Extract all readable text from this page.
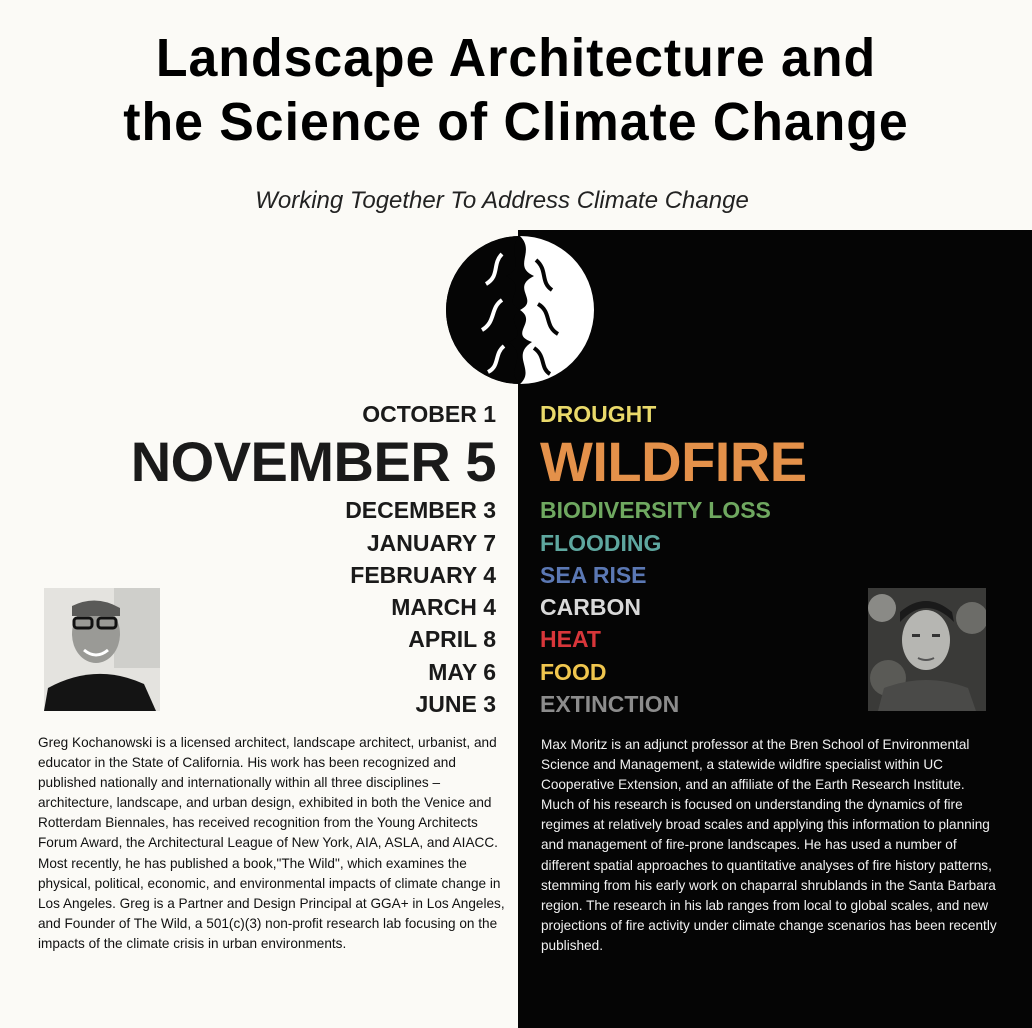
Landscape Architecture and
the Science of Climate Change
Working Together To Address Climate Change
OCTOBER 1
NOVEMBER 5
DECEMBER 3
JANUARY 7
FEBRUARY 4
MARCH 4
APRIL 8
MAY 6
JUNE 3
DROUGHT
WILDFIRE
BIODIVERSITY LOSS
FLOODING
SEA RISE
CARBON
HEAT
FOOD
EXTINCTION

Greg Kochanowski is a licensed architect, landscape architect, urbanist, and educator in the State of California. His work has been recognized and published nationally and internationally within all three disciplines – architecture, landscape, and urban design, exhibited in both the Venice and Rotterdam Biennales, has received recognition from the Young Architects Forum Award, the Architectural League of New York, AIA, ASLA, and AIACC. Most recently, he has published a book,"The Wild", which examines the physical, political, economic, and environmental impacts of climate change in Los Angeles. Greg is a Partner and Design Principal at GGA+ in Los Angeles, and Founder of The Wild, a 501(c)(3) non-profit research lab focusing on the impacts of the climate crisis in urban environments.

Max Moritz is an adjunct professor at the Bren School of Environmental Science and Management, a statewide wildfire specialist within UC Cooperative Extension, and an affiliate of the Earth Research Institute. Much of his research is focused on understanding the dynamics of fire regimes at relatively broad scales and applying this information to planning and management of fire-prone landscapes. He has used a number of different spatial approaches to quantitative analyses of fire history patterns, stemming from his early work on chaparral shrublands in the Santa Barbara region. The research in his lab ranges from local to global scales, and new projections of fire activity under climate change scenarios has been recently published.
